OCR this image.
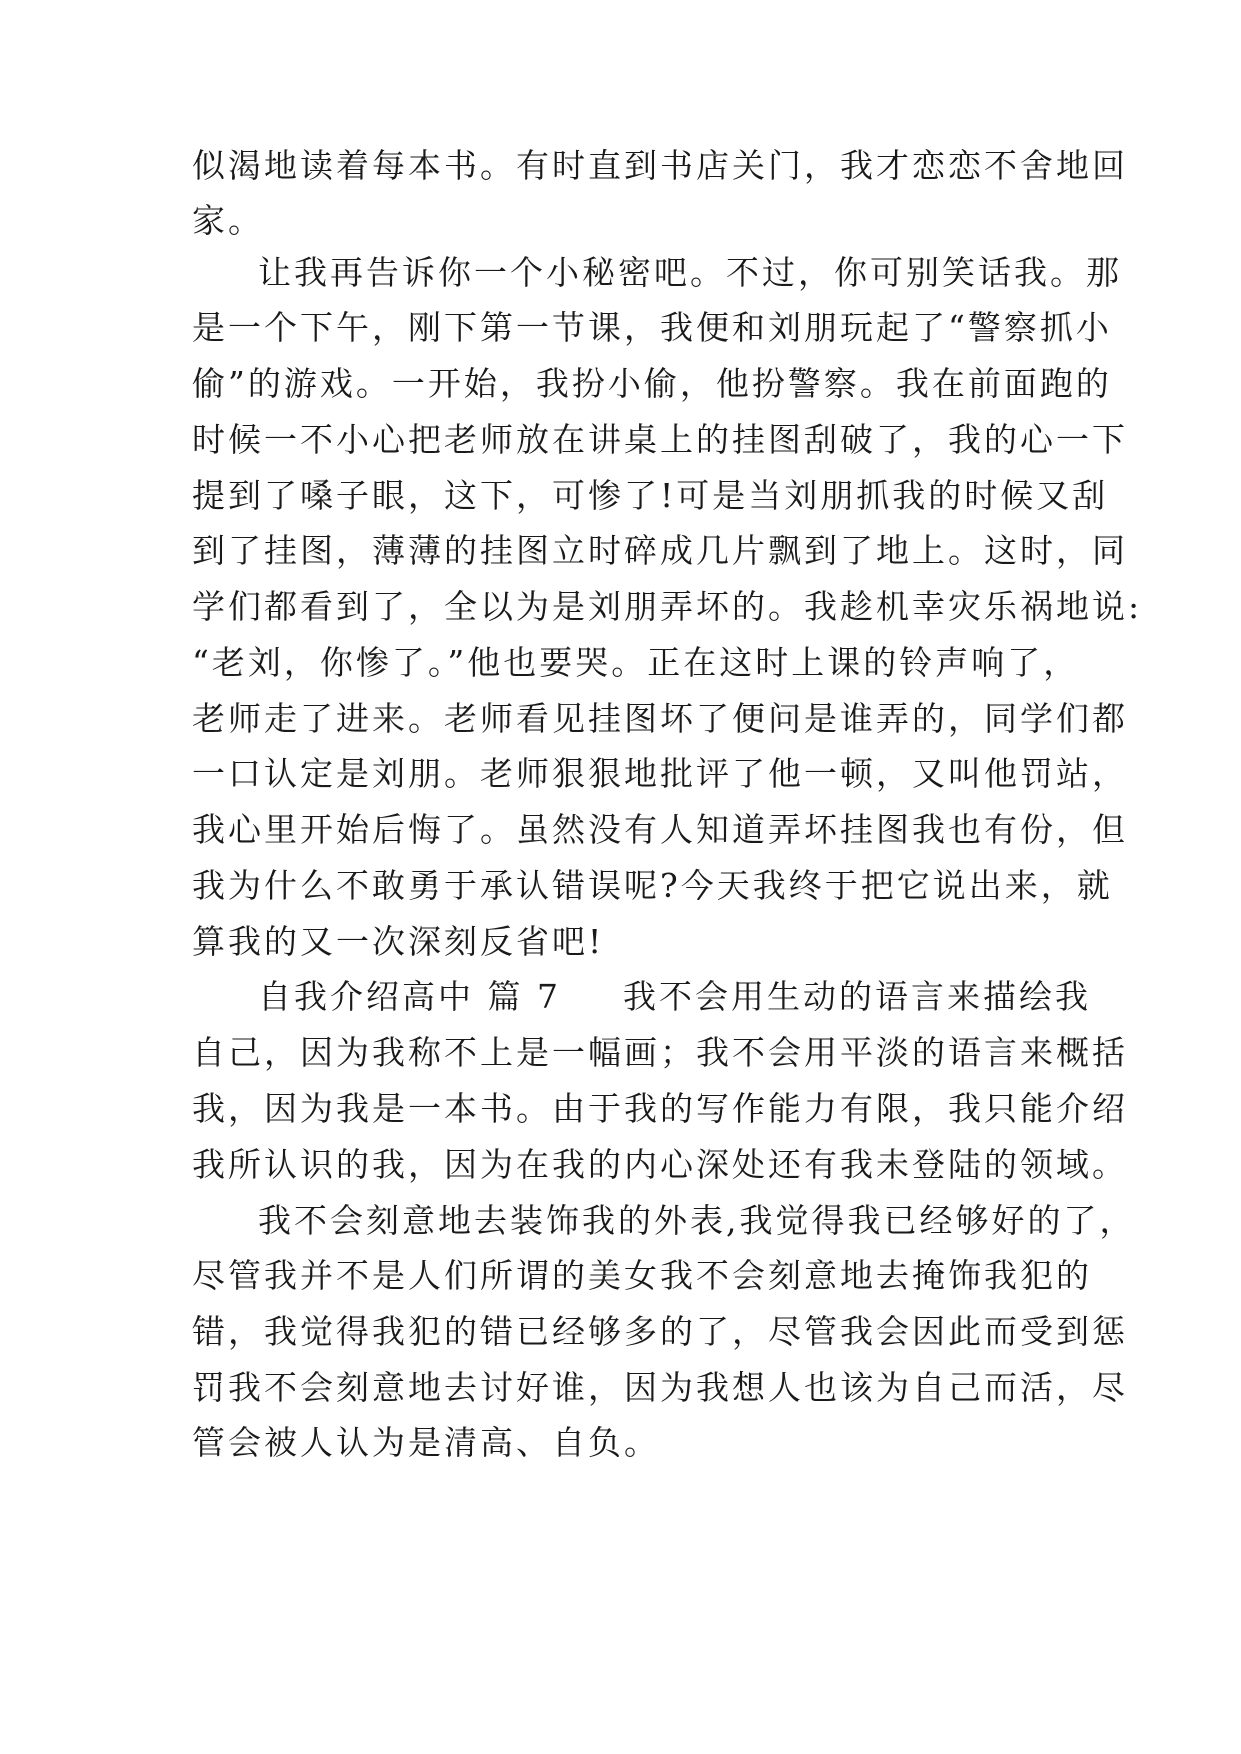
似渴地读着每本书。有时直到书店关门，我才恋恋不舍地回
家。
让我再告诉你一个小秘密吧。不过，你可别笑话我。那
是一个下午，刚下第一节课，我便和刘朋玩起了“警察抓小
偷”的游戏。一开始，我扮小偷，他扮警察。我在前面跑的
时候一不小心把老师放在讲桌上的挂图刮破了，我的心一下
提到了嗓子眼，这下，可惨了!可是当刘朋抓我的时候又刮
到了挂图，薄薄的挂图立时碎成几片飘到了地上。这时，同
学们都看到了，全以为是刘朋弄坏的。我趁机幸灾乐祸地说:
“老刘，你惨了。”他也要哭。正在这时上课的铃声响了，
老师走了进来。老师看见挂图坏了便问是谁弄的，同学们都
一口认定是刘朋。老师狠狠地批评了他一顿，又叫他罚站，
我心里开始后悔了。虽然没有人知道弄坏挂图我也有份，但
我为什么不敢勇于承认错误呢?今天我终于把它说出来，就
算我的又一次深刻反省吧!
自我介绍高中 篇 7 我不会用生动的语言来描绘我
自己，因为我称不上是一幅画；我不会用平淡的语言来概括
我，因为我是一本书。由于我的写作能力有限，我只能介绍
我所认识的我，因为在我的内心深处还有我未登陆的领域。
我不会刻意地去装饰我的外表,我觉得我已经够好的了，
尽管我并不是人们所谓的美女我不会刻意地去掩饰我犯的
错，我觉得我犯的错已经够多的了，尽管我会因此而受到惩
罚我不会刻意地去讨好谁，因为我想人也该为自己而活，尽
管会被人认为是清高、自负。
